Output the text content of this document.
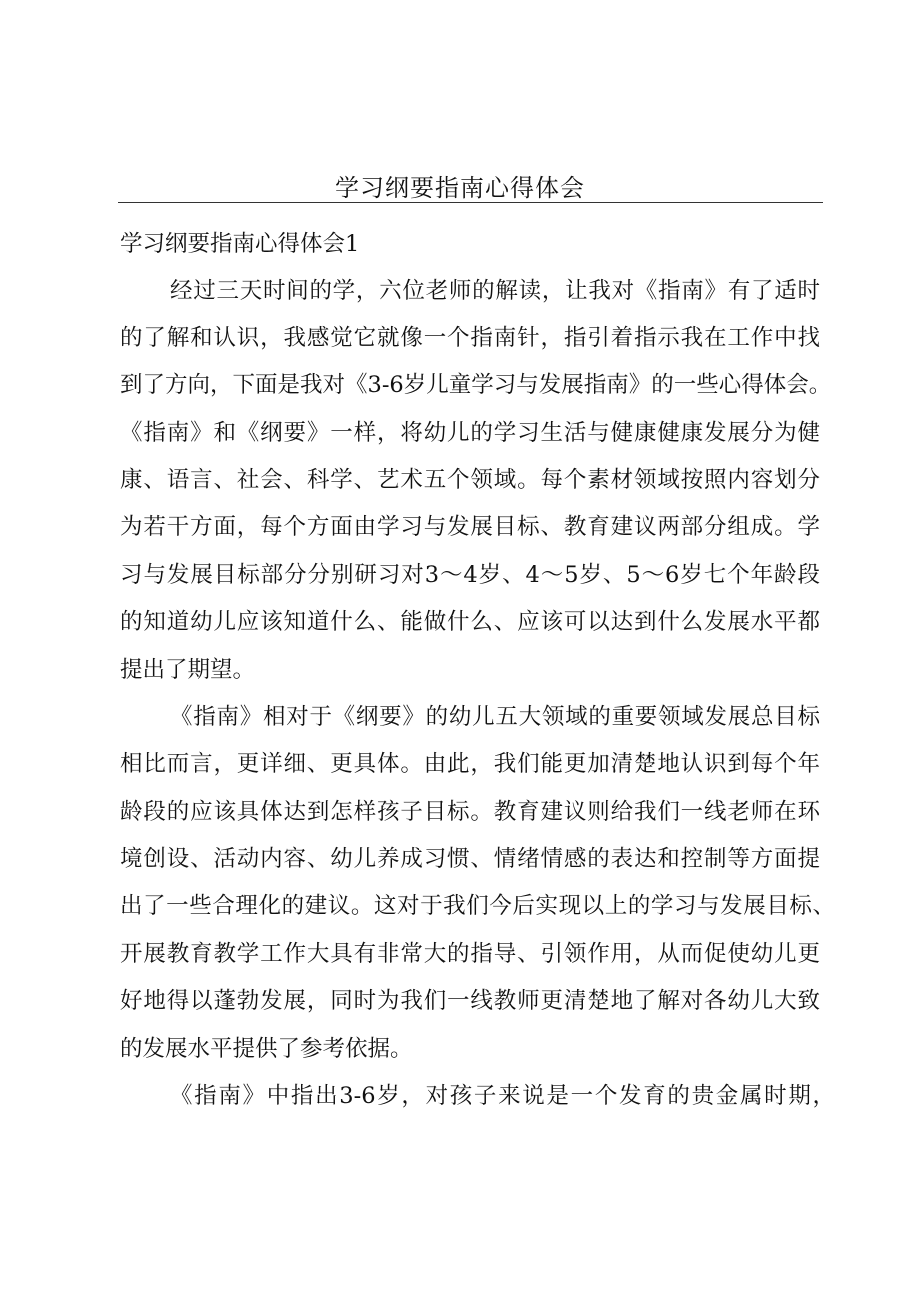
学习纲要指南心得体会
学习纲要指南心得体会1
经过三天时间的学，六位老师的解读，让我对《指南》有了适时
的了解和认识，我感觉它就像一个指南针，指引着指示我在工作中找
到了方向，下面是我对《3-6岁儿童学习与发展指南》的一些心得体会。
《指南》和《纲要》一样，将幼儿的学习生活与健康健康发展分为健
康、语言、社会、科学、艺术五个领域。每个素材领域按照内容划分
为若干方面，每个方面由学习与发展目标、教育建议两部分组成。学
习与发展目标部分分别研习对3～4岁、4～5岁、5～6岁七个年龄段
的知道幼儿应该知道什么、能做什么、应该可以达到什么发展水平都
提出了期望。
《指南》相对于《纲要》的幼儿五大领域的重要领域发展总目标
相比而言，更详细、更具体。由此，我们能更加清楚地认识到每个年
龄段的应该具体达到怎样孩子目标。教育建议则给我们一线老师在环
境创设、活动内容、幼儿养成习惯、情绪情感的表达和控制等方面提
出了一些合理化的建议。这对于我们今后实现以上的学习与发展目标、
开展教育教学工作大具有非常大的指导、引领作用，从而促使幼儿更
好地得以蓬勃发展，同时为我们一线教师更清楚地了解对各幼儿大致
的发展水平提供了参考依据。
《指南》中指出3-6岁，对孩子来说是一个发育的贵金属时期，
